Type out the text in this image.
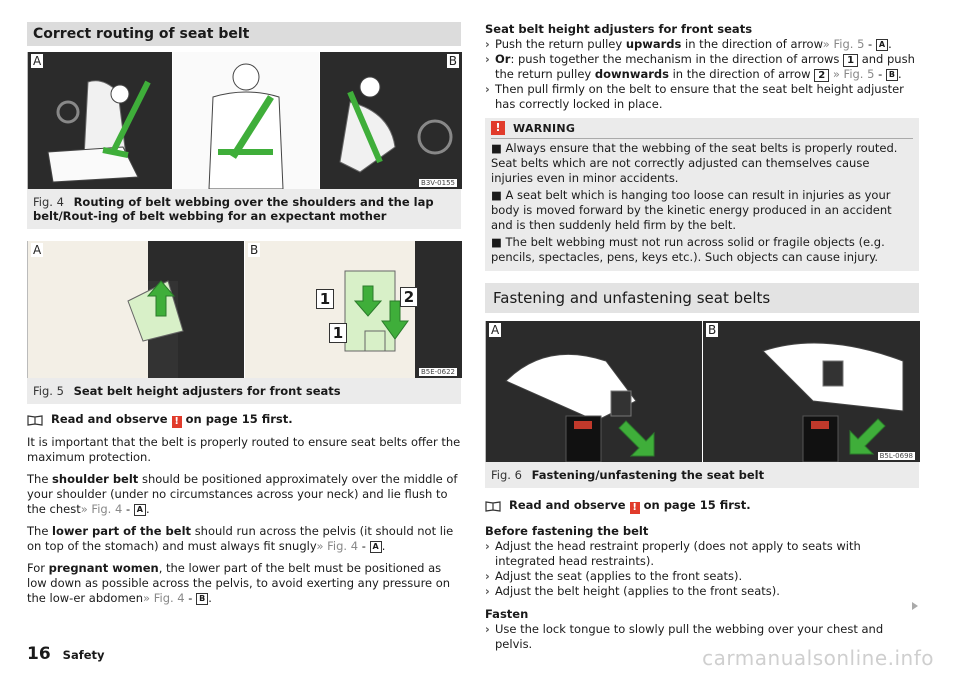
Correct routing of seat belt
A	B
B3V-0155
Fig. 4 Routing of belt webbing over the shoulders and the lap belt/Rout-ing of belt webbing for an expectant mother
A	B
1	2
1
B5E-0622
Fig. 5 Seat belt height adjusters for front seats
Read and observe ! on page 15 first.

It is important that the belt is properly routed to ensure seat belts offer the maximum protection.

The shoulder belt should be positioned approximately over the middle of your shoulder (under no circumstances across your neck) and lie flush to the chest» Fig. 4 - A .

The lower part of the belt should run across the pelvis (it should not lie on top of the stomach) and must always fit snugly» Fig. 4 - A .

For pregnant women, the lower part of the belt must be positioned as low down as possible across the pelvis, to avoid exerting any pressure on the low-er abdomen» Fig. 4 - B .

Seat belt height adjusters for front seats

› Push the return pulley upwards in the direction of arrow» Fig. 5 - A .
› Or: push together the mechanism in the direction of arrows 1 and push the return pulley downwards in the direction of arrow 2 » Fig. 5 - B .
› Then pull firmly on the belt to ensure that the seat belt height adjuster has correctly locked in place.
!	WARNING

■ Always ensure that the webbing of the seat belts is properly routed. Seat belts which are not correctly adjusted can themselves cause injuries even in minor accidents.

■ A seat belt which is hanging too loose can result in injuries as your body is moved forward by the kinetic energy produced in an accident and is then suddenly held firm by the belt.

■ The belt webbing must not run across solid or fragile objects (e.g. pencils, spectacles, pens, keys etc.). Such objects can cause injury.

Fastening and unfastening seat belts
A	B
B5L-0698
Fig. 6 Fastening/unfastening the seat belt
Read and observe ! on page 15 first.

Before fastening the belt

› Adjust the head restraint properly (does not apply to seats with integrated head restraints).
› Adjust the seat (applies to the front seats).
› Adjust the belt height (applies to the front seats).

Fasten

› Use the lock tongue to slowly pull the webbing over your chest and pelvis.
16 Safety	carmanualsonline.info
